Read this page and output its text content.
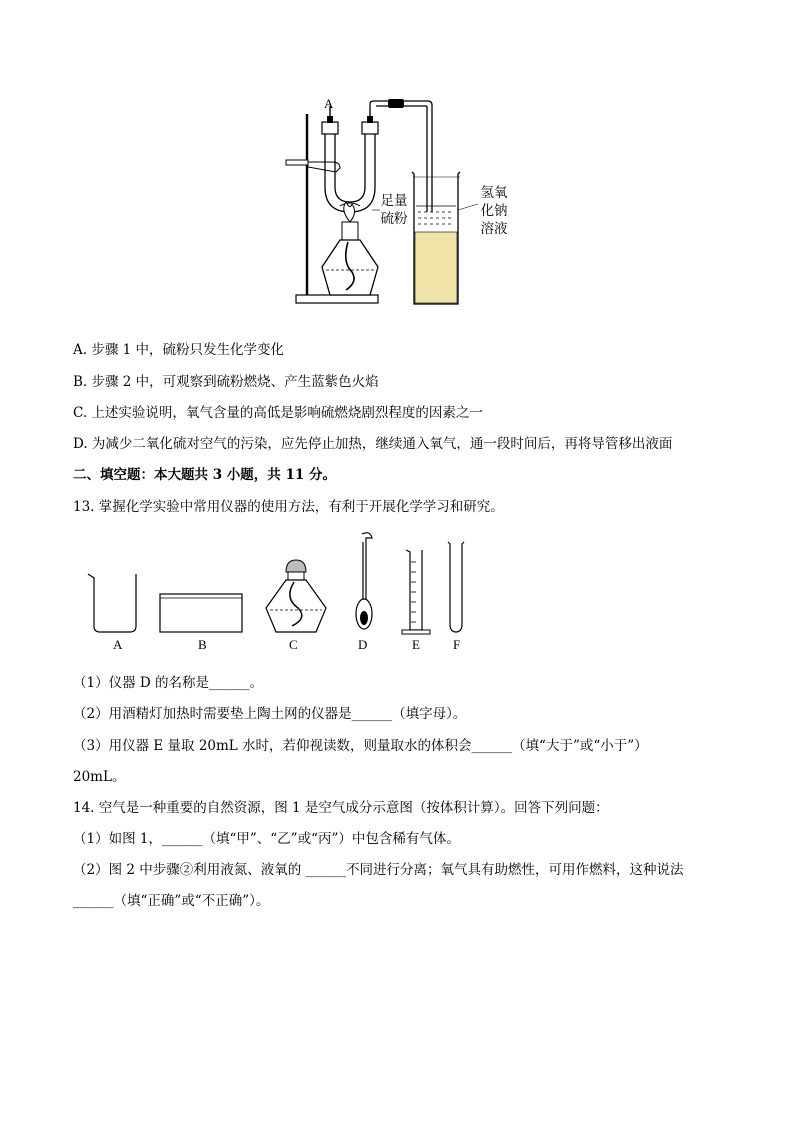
A
足量
硫粉
氢氧
化钠
溶液
A. 步骤 1 中，硫粉只发生化学变化
B. 步骤 2 中，可观察到硫粉燃烧、产生蓝紫色火焰
C. 上述实验说明，氧气含量的高低是影响硫燃烧剧烈程度的因素之一
D. 为减少二氧化硫对空气的污染，应先停止加热，继续通入氧气，通一段时间后，再将导管移出液面
二、填空题：本大题共 3 小题，共 11 分。
13. 掌握化学实验中常用仪器的使用方法，有利于开展化学学习和研究。
A	B	C	D	E	F
（1）仪器 D 的名称是______。
（2）用酒精灯加热时需要垫上陶土网的仪器是______（填字母）。
（3）用仪器 E 量取 20mL 水时，若仰视读数，则量取水的体积会______（填“大于”或“小于”）
20mL。
14. 空气是一种重要的自然资源，图 1 是空气成分示意图（按体积计算）。回答下列问题：
（1）如图 1，______（填“甲”、“乙”或“丙”）中包含稀有气体。
（2）图 2 中步骤②利用液氮、液氧的 ______不同进行分离；氧气具有助燃性，可用作燃料，这种说法
______（填“正确”或“不正确”）。
